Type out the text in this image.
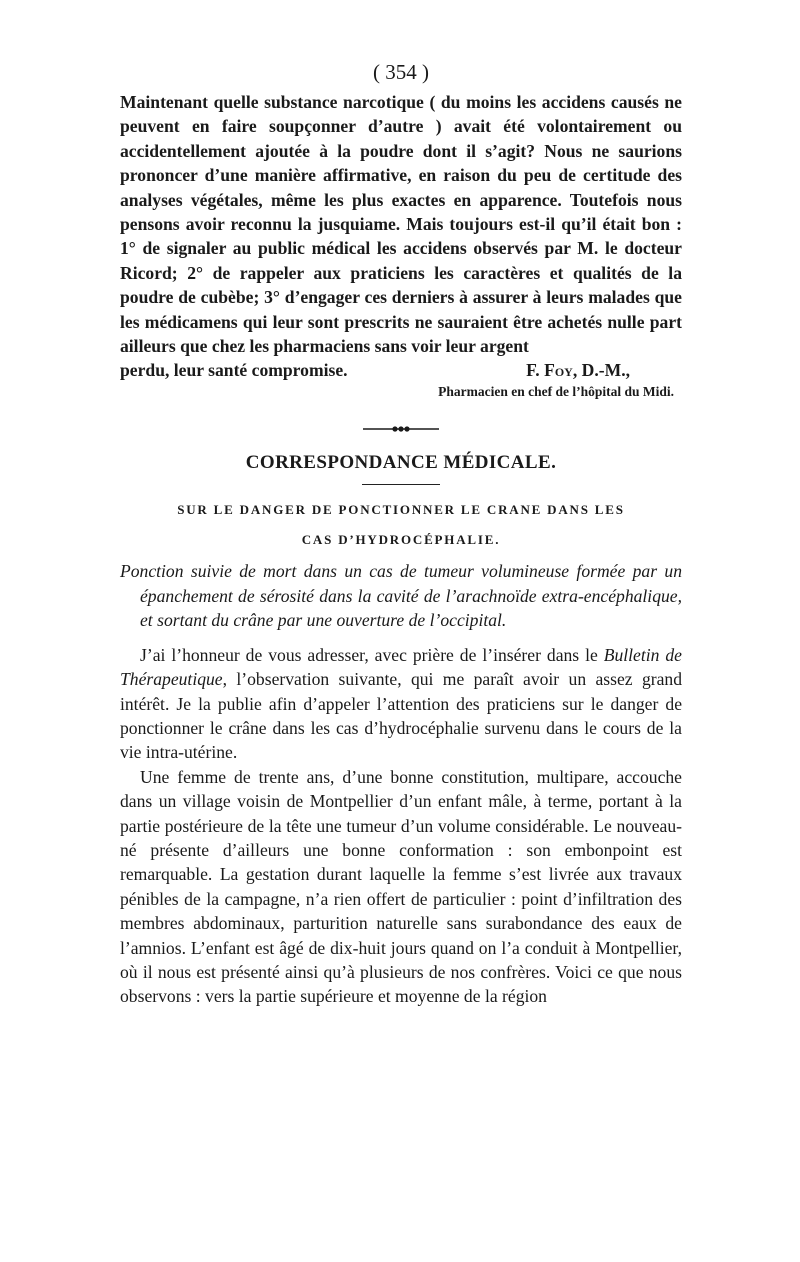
( 354 )

Maintenant quelle substance narcotique ( du moins les accidens causés ne peuvent en faire soupçonner d’autre ) avait été volontairement ou accidentellement ajoutée à la poudre dont il s’agit? Nous ne saurions prononcer d’une manière affirmative, en raison du peu de certitude des analyses végétales, même les plus exactes en apparence. Toutefois nous pensons avoir reconnu la jusquiame. Mais toujours est-il qu’il était bon : 1° de signaler au public médical les accidens observés par M. le docteur Ricord; 2° de rappeler aux praticiens les caractères et qualités de la poudre de cubèbe; 3° d’engager ces derniers à assurer à leurs malades que les médicamens qui leur sont prescrits ne sauraient être achetés nulle part ailleurs que chez les pharmaciens sans voir leur argent

perdu, leur santé compromise.	F. Foy, D.-M.,

Pharmacien en chef de l’hôpital du Midi.

CORRESPONDANCE MÉDICALE.
SUR LE DANGER DE PONCTIONNER LE CRANE DANS LES
CAS D’HYDROCÉPHALIE.

Ponction suivie de mort dans un cas de tumeur volumineuse formée par un épanchement de sérosité dans la cavité de l’arachnoïde extra-encéphalique, et sortant du crâne par une ouverture de l’occipital.

J’ai l’honneur de vous adresser, avec prière de l’insérer dans le Bulletin de Thérapeutique, l’observation suivante, qui me paraît avoir un assez grand intérêt. Je la publie afin d’appeler l’attention des praticiens sur le danger de ponctionner le crâne dans les cas d’hydrocéphalie survenu dans le cours de la vie intra-utérine.

Une femme de trente ans, d’une bonne constitution, multipare, accouche dans un village voisin de Montpellier d’un enfant mâle, à terme, portant à la partie postérieure de la tête une tumeur d’un volume considérable. Le nouveau-né présente d’ailleurs une bonne conformation : son embonpoint est remarquable. La gestation durant laquelle la femme s’est livrée aux travaux pénibles de la campagne, n’a rien offert de particulier : point d’infiltration des membres abdominaux, parturition naturelle sans surabondance des eaux de l’amnios. L’enfant est âgé de dix-huit jours quand on l’a conduit à Montpellier, où il nous est présenté ainsi qu’à plusieurs de nos confrères. Voici ce que nous observons : vers la partie supérieure et moyenne de la région
